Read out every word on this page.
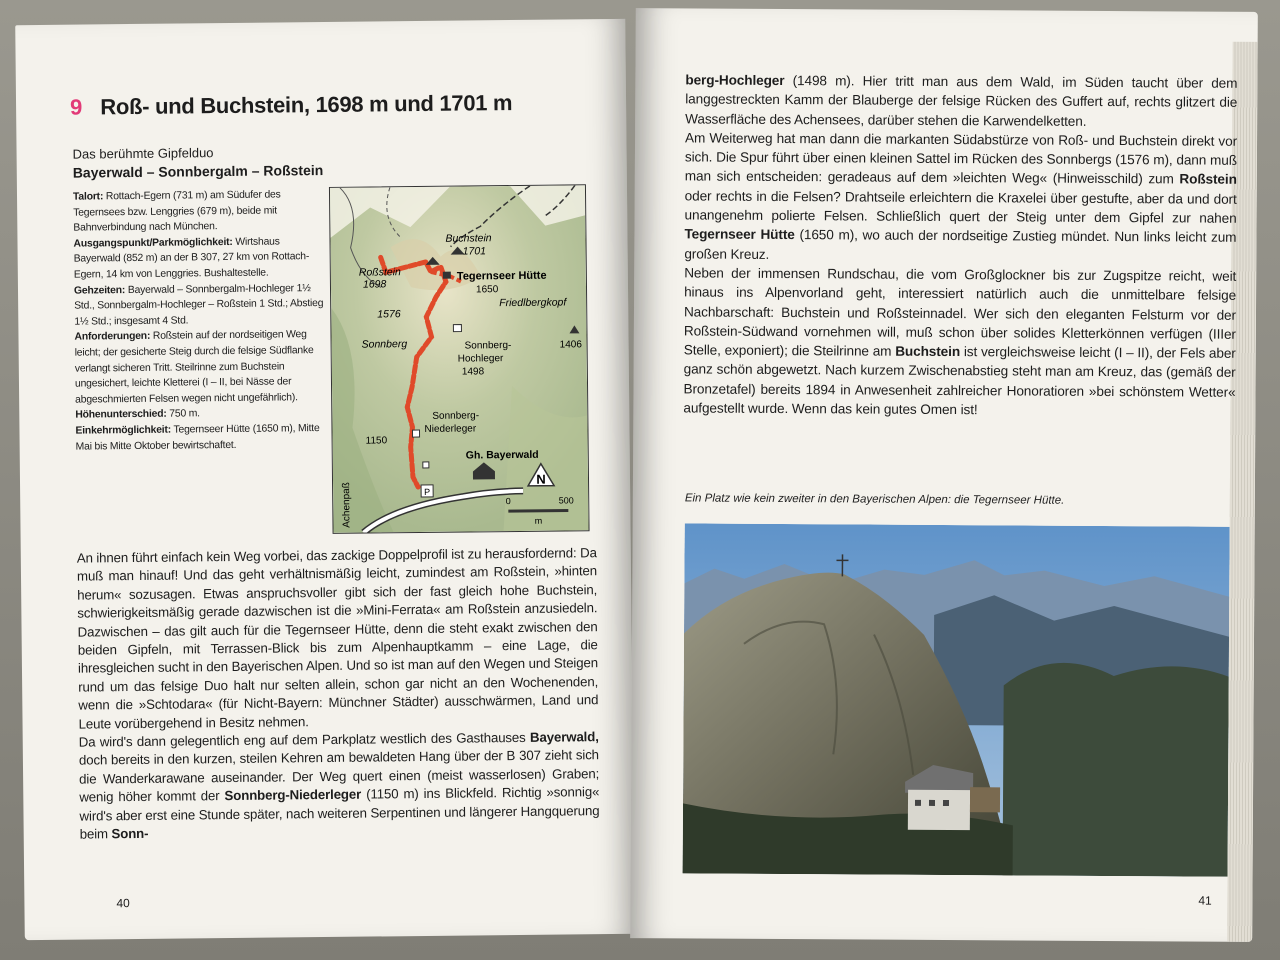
9 Roß- und Buchstein, 1698 m und 1701 m
Das berühmte Gipfelduo
Bayerwald – Sonnbergalm – Roßstein

Talort: Rottach-Egern (731 m) am Südufer des Tegernsees bzw. Lenggries (679 m), beide mit Bahnverbindung nach München.

Ausgangspunkt/Parkmöglichkeit: Wirtshaus Bayerwald (852 m) an der B 307, 27 km von Rottach-Egern, 14 km von Lenggries. Bushaltestelle.

Gehzeiten: Bayerwald – Sonnbergalm-Hochleger 1½ Std., Sonnbergalm-Hochleger – Roßstein 1 Std.; Abstieg 1½ Std.; insgesamt 4 Std.

Anforderungen: Roßstein auf der nordseitigen Weg leicht; der gesicherte Steig durch die felsige Südflanke verlangt sicheren Tritt. Steilrinne zum Buchstein ungesichert, leichte Kletterei (I – II, bei Nässe der abgeschmierten Felsen wegen nicht ungefährlich).

Höhenunterschied: 750 m.

Einkehrmöglichkeit: Tegernseer Hütte (1650 m), Mitte Mai bis Mitte Oktober bewirtschaftet.

P
N
0	500
m
Buchstein
1701
Roßstein
1698
Tegernseer Hütte
1650
Friedlbergkopf
1576
Sonnberg	1406
Sonnberg-
Hochleger
1498
Sonnberg-
Niederleger
1150
Gh. Bayerwald
Achenpaß

An ihnen führt einfach kein Weg vorbei, das zackige Doppelprofil ist zu herausfordernd: Da muß man hinauf! Und das geht verhältnismäßig leicht, zumindest am Roßstein, »hinten herum« sozusagen. Etwas anspruchsvoller gibt sich der fast gleich hohe Buchstein, schwierigkeitsmäßig gerade dazwischen ist die »Mini-Ferrata« am Roßstein anzusiedeln. Dazwischen – das gilt auch für die Tegernseer Hütte, denn die steht exakt zwischen den beiden Gipfeln, mit Terrassen-Blick bis zum Alpenhauptkamm – eine Lage, die ihresgleichen sucht in den Bayerischen Alpen. Und so ist man auf den Wegen und Steigen rund um das felsige Duo halt nur selten allein, schon gar nicht an den Wochenenden, wenn die »Schtodara« (für Nicht-Bayern: Münchner Städter) ausschwärmen, Land und Leute vorübergehend in Besitz nehmen.

Da wird's dann gelegentlich eng auf dem Parkplatz westlich des Gasthauses Bayerwald, doch bereits in den kurzen, steilen Kehren am bewaldeten Hang über der B 307 zieht sich die Wanderkarawane auseinander. Der Weg quert einen (meist wasserlosen) Graben; wenig höher kommt der Sonnberg-Niederleger (1150 m) ins Blickfeld. Richtig »sonnig« wird's aber erst eine Stunde später, nach weiteren Serpentinen und längerer Hangquerung beim Sonn-

40

berg-Hochleger (1498 m). Hier tritt man aus dem Wald, im Süden taucht über dem langgestreckten Kamm der Blauberge der felsige Rücken des Guffert auf, rechts glitzert die Wasserfläche des Achensees, darüber stehen die Karwendelketten.

Am Weiterweg hat man dann die markanten Südabstürze von Roß- und Buchstein direkt vor sich. Die Spur führt über einen kleinen Sattel im Rücken des Sonnbergs (1576 m), dann muß man sich entscheiden: geradeaus auf dem »leichten Weg« (Hinweisschild) zum Roßstein oder rechts in die Felsen? Drahtseile erleichtern die Kraxelei über gestufte, aber da und dort unangenehm polierte Felsen. Schließlich quert der Steig unter dem Gipfel zur nahen Tegernseer Hütte (1650 m), wo auch der nordseitige Zustieg mündet. Nun links leicht zum großen Kreuz.

Neben der immensen Rundschau, die vom Großglockner bis zur Zugspitze reicht, weit hinaus ins Alpenvorland geht, interessiert natürlich auch die unmittelbare felsige Nachbarschaft: Buchstein und Roßsteinnadel. Wer sich den eleganten Felsturm vor der Roßstein-Südwand vornehmen will, muß schon über solides Kletterkönnen verfügen (IIIer Stelle, exponiert); die Steilrinne am Buchstein ist vergleichsweise leicht (I – II), der Fels aber ganz schön abgewetzt. Nach kurzem Zwischenabstieg steht man am Kreuz, das (gemäß der Bronzetafel) bereits 1894 in Anwesenheit zahlreicher Honoratioren »bei schönstem Wetter« aufgestellt wurde. Wenn das kein gutes Omen ist!

Ein Platz wie kein zweiter in den Bayerischen Alpen: die Tegernseer Hütte.
41
